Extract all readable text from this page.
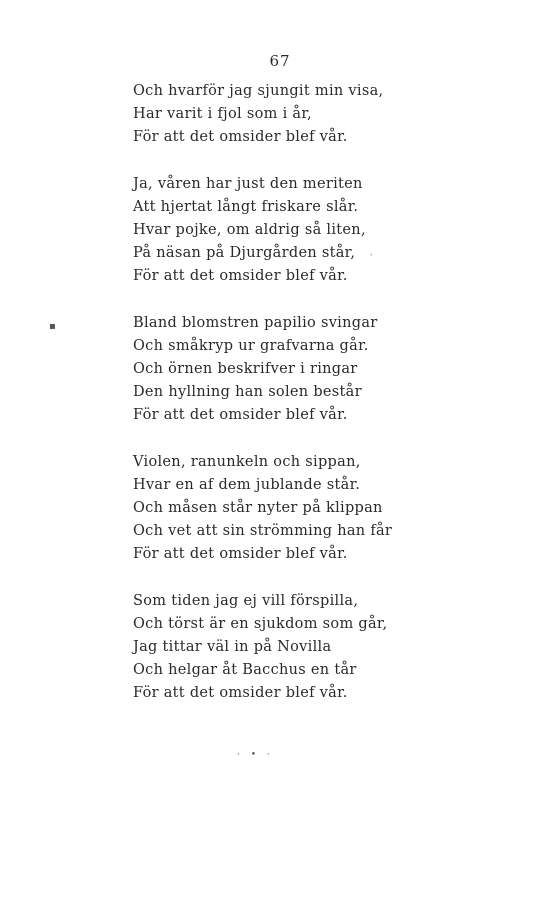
67
Och hvarför jag sjungit min visa,
Har varit i fjol som i år,
För att det omsider blef vår.
Ja, våren har just den meriten
Att hjertat långt friskare slår.
Hvar pojke, om aldrig så liten,
På näsan på Djurgården står,
För att det omsider blef vår.
Bland blomstren papilio svingar
Och småkryp ur grafvarna går.
Och örnen beskrifver i ringar
Den hyllning han solen består
För att det omsider blef vår.
Violen, ranunkeln och sippan,
Hvar en af dem jublande står.
Och måsen står nyter på klippan
Och vet att sin strömming han får
För att det omsider blef vår.
Som tiden jag ej vill förspilla,
Och törst är en sjukdom som går,
Jag tittar väl in på Novilla
Och helgar åt Bacchus en tår
För att det omsider blef vår.
▪
ˈ
· • ·
